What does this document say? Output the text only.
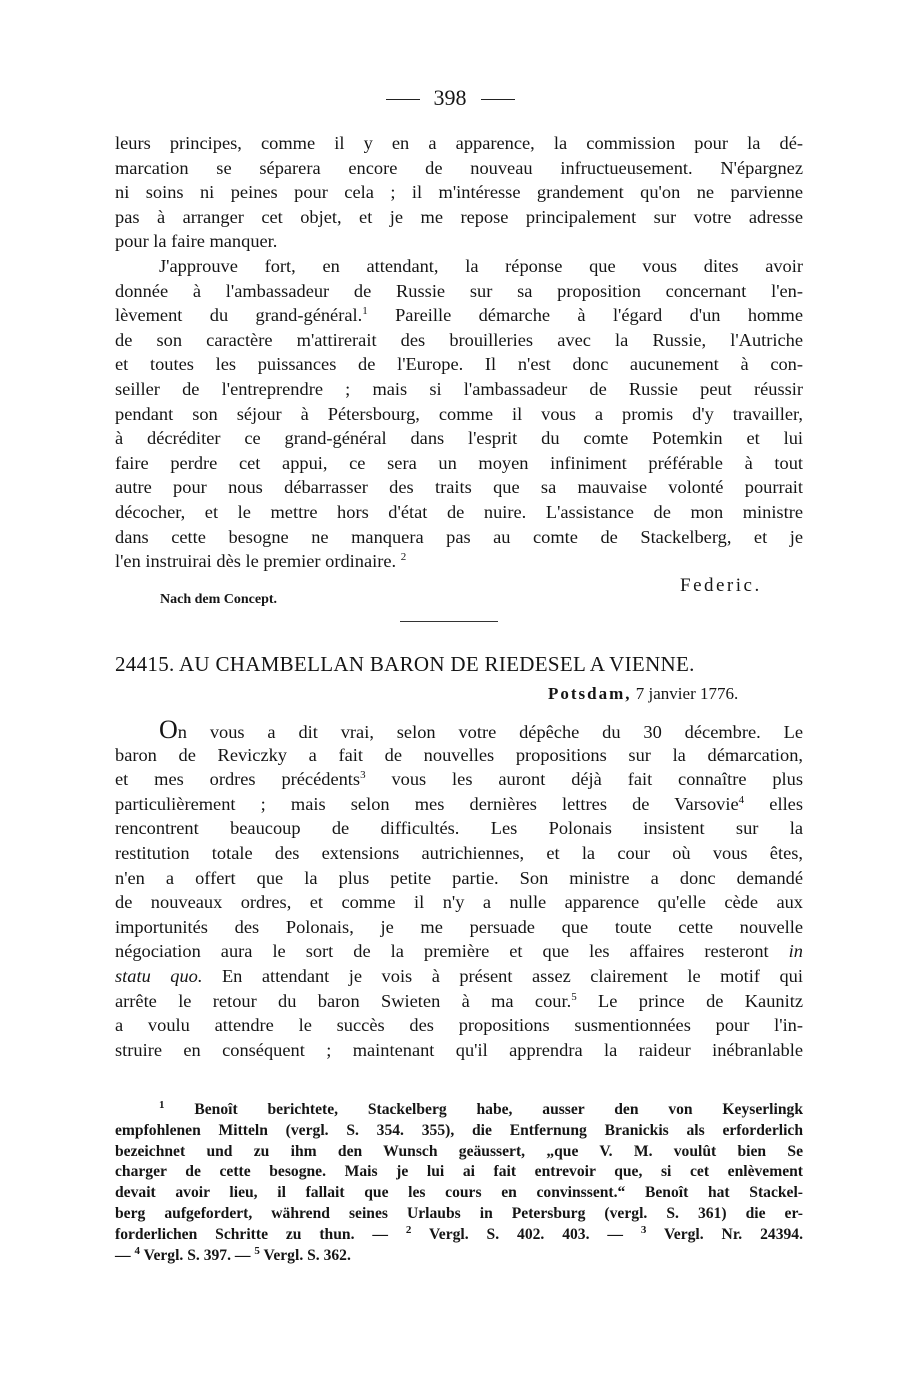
398
leurs principes, comme il y en a apparence, la commission pour la dé-
marcation se séparera encore de nouveau infructueusement. N'épargnez
ni soins ni peines pour cela ; il m'intéresse grandement qu'on ne parvienne
pas à arranger cet objet, et je me repose principalement sur votre adresse
pour la faire manquer.
J'approuve fort, en attendant, la réponse que vous dites avoir
donnée à l'ambassadeur de Russie sur sa proposition concernant l'en-
lèvement du grand-général.$^1$ Pareille démarche à l'égard d'un homme
de son caractère m'attirerait des brouilleries avec la Russie, l'Autriche
et toutes les puissances de l'Europe. Il n'est donc aucunement à con-
seiller de l'entreprendre ; mais si l'ambassadeur de Russie peut réussir
pendant son séjour à Pétersbourg, comme il vous a promis d'y travailler,
à décréditer ce grand-général dans l'esprit du comte Potemkin et lui
faire perdre cet appui, ce sera un moyen infiniment préférable à tout
autre pour nous débarrasser des traits que sa mauvaise volonté pourrait
décocher, et le mettre hors d'état de nuire. L'assistance de mon ministre
dans cette besogne ne manquera pas au comte de Stackelberg, et je
l'en instruirai dès le premier ordinaire. $^2$
Federic.
Nach dem Concept.
24415. AU CHAMBELLAN BARON DE RIEDESEL A VIENNE.
Potsdam, 7 janvier 1776.
On vous a dit vrai, selon votre dépêche du 30 décembre. Le
baron de Reviczky a fait de nouvelles propositions sur la démarcation,
et mes ordres précédents$^3$ vous les auront déjà fait connaître plus
particulièrement ; mais selon mes dernières lettres de Varsovie$^4$ elles
rencontrent beaucoup de difficultés. Les Polonais insistent sur la
restitution totale des extensions autrichiennes, et la cour où vous êtes,
n'en a offert que la plus petite partie. Son ministre a donc demandé
de nouveaux ordres, et comme il n'y a nulle apparence qu'elle cède aux
importunités des Polonais, je me persuade que toute cette nouvelle
négociation aura le sort de la première et que les affaires resteront in
statu quo. En attendant je vois à présent assez clairement le motif qui
arrête le retour du baron Swieten à ma cour.$^5$ Le prince de Kaunitz
a voulu attendre le succès des propositions susmentionnées pour l'in-
struire en conséquent ; maintenant qu'il apprendra la raideur inébranlable
$^1$ Benoît berichtete, Stackelberg habe, ausser den von Keyserlingk
empfohlenen Mitteln (vergl. S. 354. 355), die Entfernung Branickis als erforderlich
bezeichnet und zu ihm den Wunsch geäussert, „que V. M. voulût bien Se
charger de cette besogne. Mais je lui ai fait entrevoir que, si cet enlèvement
devait avoir lieu, il fallait que les cours en convinssent.“ Benoît hat Stackel-
berg aufgefordert, während seines Urlaubs in Petersburg (vergl. S. 361) die er-
forderlichen Schritte zu thun. — $^2$ Vergl. S. 402. 403. — $^3$ Vergl. Nr. 24394.
— $^4$ Vergl. S. 397. — $^5$ Vergl. S. 362.
